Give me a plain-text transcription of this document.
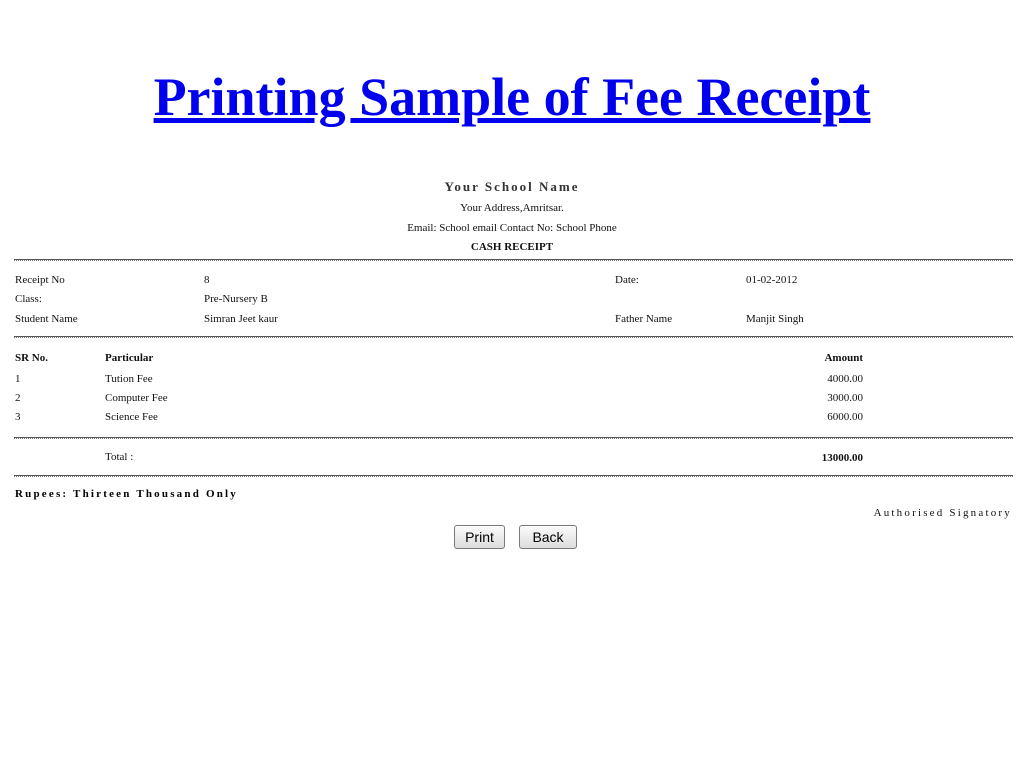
Printing Sample of Fee Receipt
Your School Name
Your Address,Amritsar.
Email: School email Contact No: School Phone
CASH RECEIPT
Receipt No	8	Date:	01-02-2012
Class:	Pre-Nursery B
Student Name	Simran Jeet kaur	Father Name	Manjit Singh
SR No.	Particular	Amount
1	Tution Fee	4000.00
2	Computer Fee	3000.00
3	Science Fee	6000.00
Total :	13000.00
Rupees: Thirteen Thousand Only
Authorised Signatory
Print	Back
